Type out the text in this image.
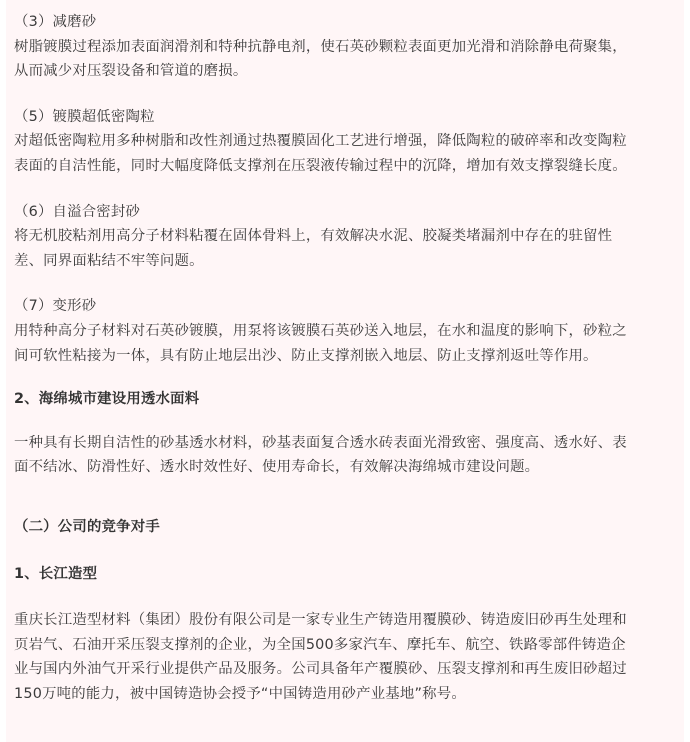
（3）减磨砂

树脂镀膜过程添加表面润滑剂和特种抗静电剂，使石英砂颗粒表面更加光滑和消除静电荷聚集，
从而减少对压裂设备和管道的磨损。

（5）镀膜超低密陶粒

对超低密陶粒用多种树脂和改性剂通过热覆膜固化工艺进行增强，降低陶粒的破碎率和改变陶粒
表面的自洁性能，同时大幅度降低支撑剂在压裂液传输过程中的沉降，增加有效支撑裂缝长度。

（6）自溢合密封砂

将无机胶粘剂用高分子材料粘覆在固体骨料上，有效解决水泥、胶凝类堵漏剂中存在的驻留性
差、同界面粘结不牢等问题。

（7）变形砂

用特种高分子材料对石英砂镀膜，用泵将该镀膜石英砂送入地层，在水和温度的影响下，砂粒之
间可软性粘接为一体，具有防止地层出沙、防止支撑剂嵌入地层、防止支撑剂返吐等作用。

2、海绵城市建设用透水面料

一种具有长期自洁性的砂基透水材料，砂基表面复合透水砖表面光滑致密、强度高、透水好、表
面不结冰、防滑性好、透水时效性好、使用寿命长，有效解决海绵城市建设问题。

（二）公司的竞争对手

1、长江造型

重庆长江造型材料（集团）股份有限公司是一家专业生产铸造用覆膜砂、铸造废旧砂再生处理和
页岩气、石油开采压裂支撑剂的企业，为全国500多家汽车、摩托车、航空、铁路零部件铸造企
业与国内外油气开采行业提供产品及服务。公司具备年产覆膜砂、压裂支撑剂和再生废旧砂超过
150万吨的能力，被中国铸造协会授予“中国铸造用砂产业基地”称号。
